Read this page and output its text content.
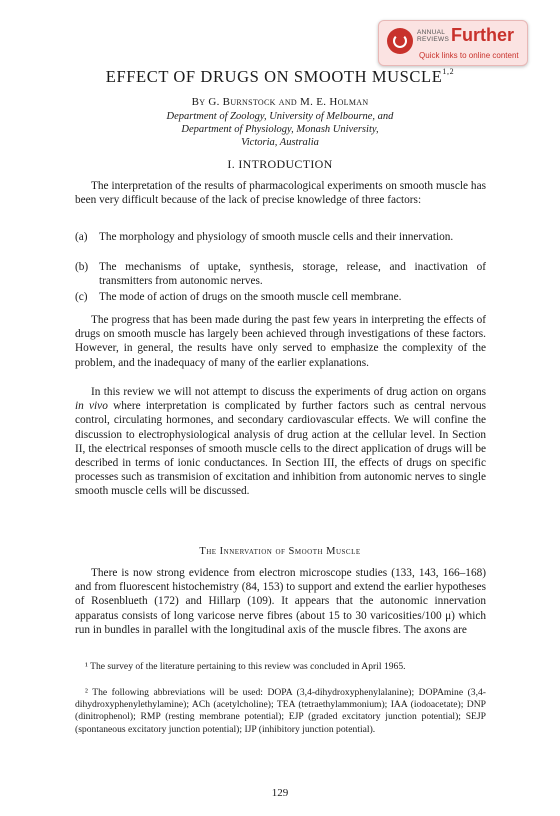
ANNUAL
REVIEWS Further
Quick links to online content
EFFECT OF DRUGS ON SMOOTH MUSCLE$^{1,2}$
By G. Burnstock and M. E. Holman
Department of Zoology, University of Melbourne, and
Department of Physiology, Monash University,
Victoria, Australia
I. INTRODUCTION

The interpretation of the results of pharmacological experiments on smooth muscle has been very difficult because of the lack of precise knowledge of three factors:

(a)	The morphology and physiology of smooth muscle cells and their innervation.
(b) The mechanisms of uptake, synthesis, storage, release, and inactivation of transmitters from autonomic nerves.
(c)	The mode of action of drugs on the smooth muscle cell membrane.

The progress that has been made during the past few years in interpreting the effects of drugs on smooth muscle has largely been achieved through investigations of these factors. However, in general, the results have only served to emphasize the complexity of the problem, and the inadequacy of many of the earlier explanations.

In this review we will not attempt to discuss the experiments of drug action on organs in vivo where interpretation is complicated by further factors such as central nervous control, circulating hormones, and secondary cardiovascular effects. We will confine the discussion to electrophysiological analysis of drug action at the cellular level. In Section II, the electrical responses of smooth muscle cells to the direct application of drugs will be described in terms of ionic conductances. In Section III, the effects of drugs on specific processes such as transmision of excitation and inhibition from autonomic nerves to single smooth muscle cells will be discussed.

The Innervation of Smooth Muscle

There is now strong evidence from electron microscope studies (133, 143, 166–168) and from fluorescent histochemistry (84, 153) to support and extend the earlier hypotheses of Rosenblueth (172) and Hillarp (109). It appears that the autonomic innervation apparatus consists of long varicose nerve fibres (about 15 to 30 varicosities/100 μ) which run in bundles in parallel with the longitudinal axis of the muscle fibres. The axons are

¹ The survey of the literature pertaining to this review was concluded in April 1965.

² The following abbreviations will be used: DOPA (3,4-dihydroxyphenylalanine); DOPAmine (3,4-dihydroxyphenylethylamine); ACh (acetylcholine); TEA (tetraethylammonium); IAA (iodoacetate); DNP (dinitrophenol); RMP (resting membrane potential); EJP (graded excitatory junction potential); SEJP (spontaneous excitatory junction potential); IJP (inhibitory junction potential).

129
